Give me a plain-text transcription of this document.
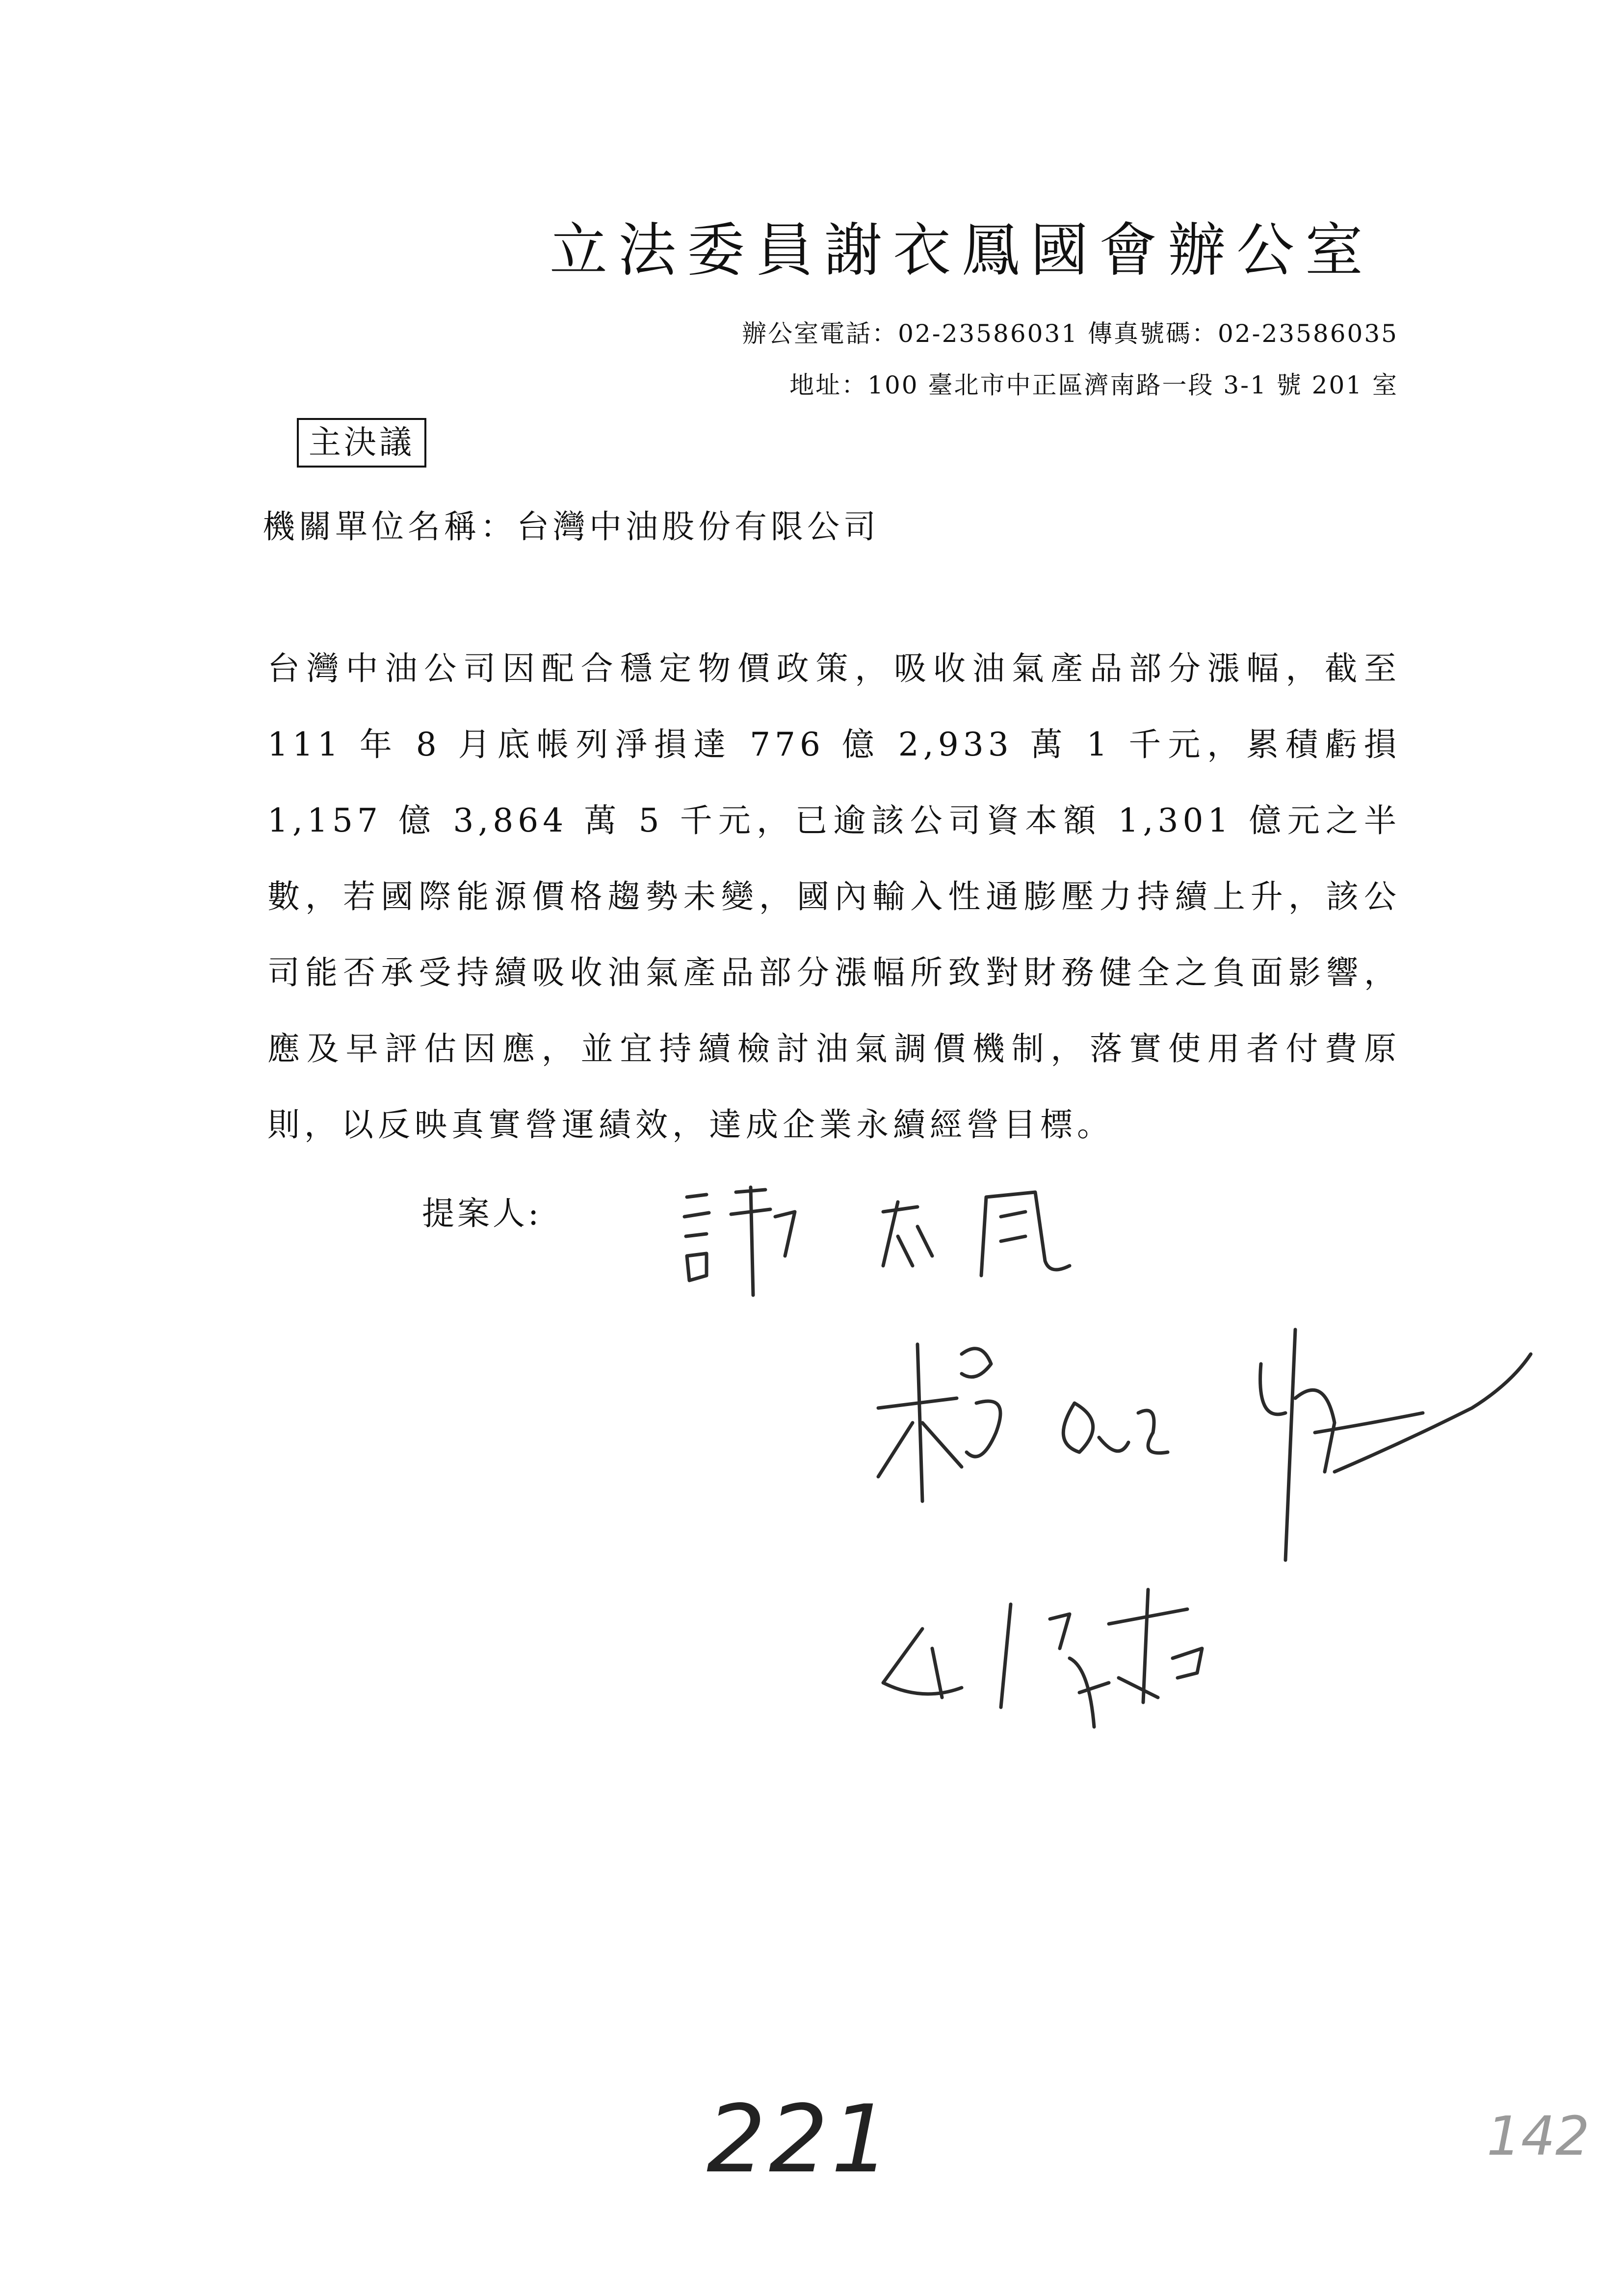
立法委員謝衣鳳國會辦公室
辦公室電話：02-23586031 傳真號碼：02-23586035
地址：100 臺北市中正區濟南路一段 3-1 號 201 室
主決議
機關單位名稱：台灣中油股份有限公司
台灣中油公司因配合穩定物價政策，吸收油氣產品部分漲幅，截至 111 年 8 月底帳列淨損達 776 億 2,933 萬 1 千元，累積虧損 1,157 億 3,864 萬 5 千元，已逾該公司資本額 1,301 億元之半數，若國際能源價格趨勢未變，國內輸入性通膨壓力持續上升，該公司能否承受持續吸收油氣產品部分漲幅所致對財務健全之負面影響，應及早評估因應，並宜持續檢討油氣調價機制，落實使用者付費原則，以反映真實營運績效，達成企業永續經營目標。
提案人:
221	142
